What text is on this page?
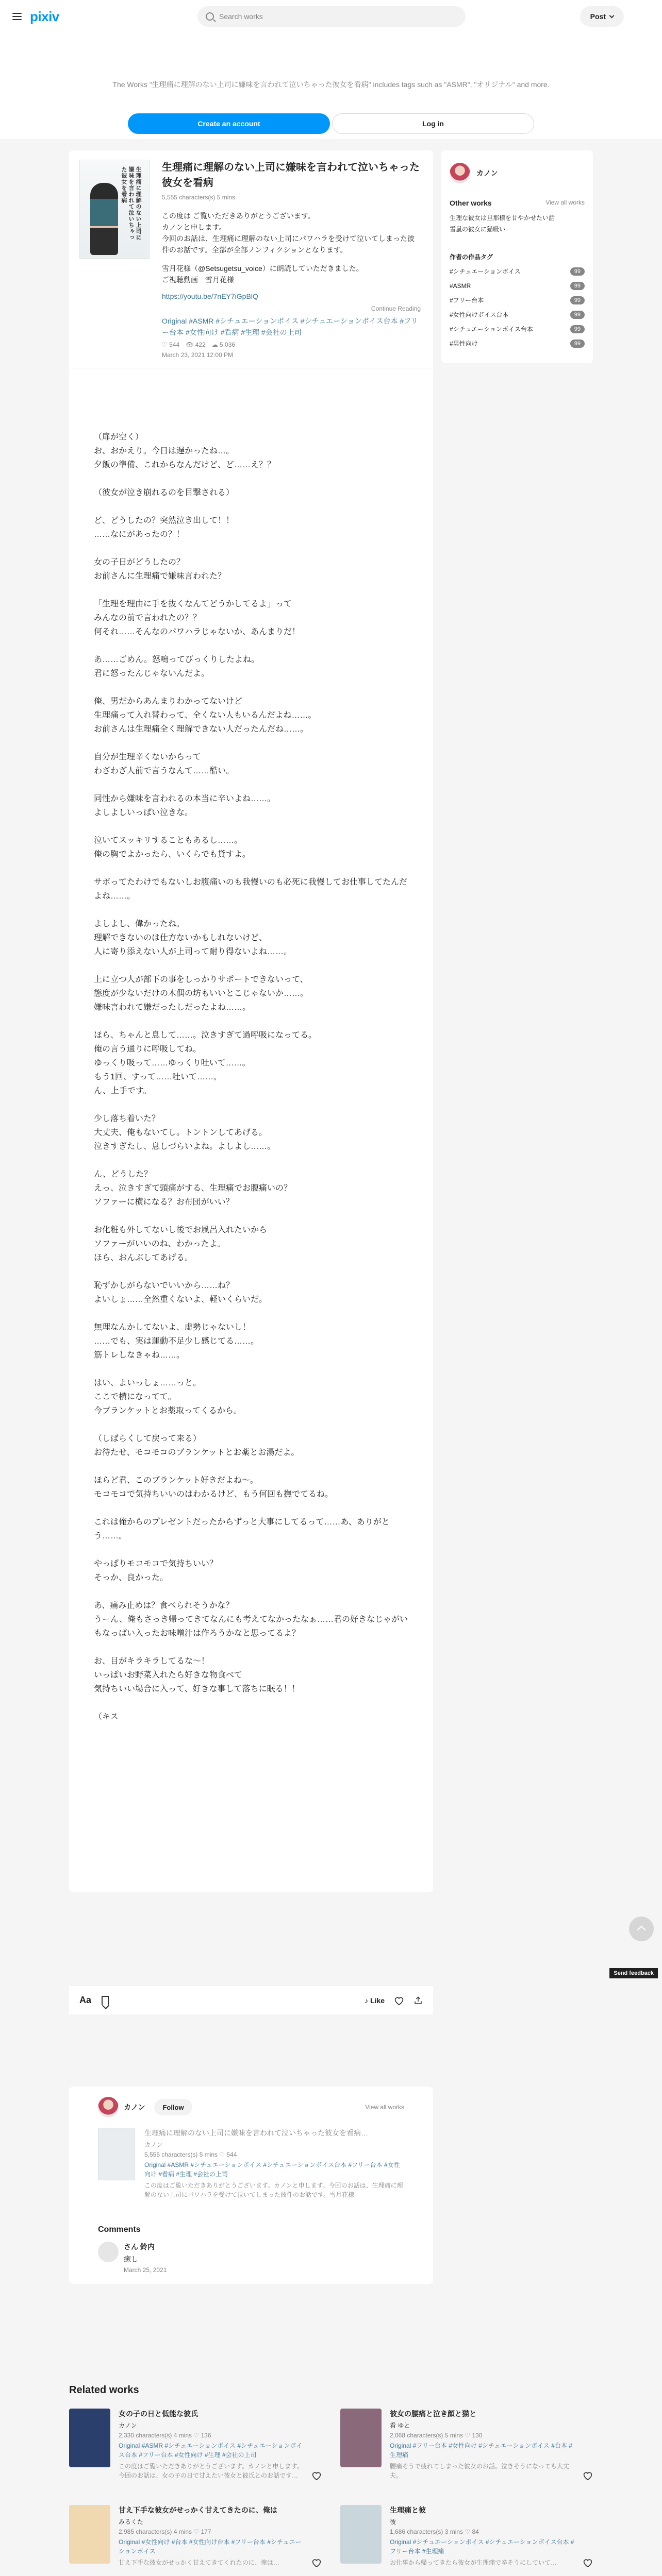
pixiv	Search works	Post
The Works "生理痛に理解のない上司に嫌味を言われて泣いちゃった彼女を看病" includes tags such as "ASMR", "オリジナル" and more.
Create an account	Log in
生理痛に理解のない上司に嫌味を言われて泣いちゃった彼女を看病	生理痛に理解のない上司に嫌味を言われて泣いちゃった彼女を看病
5,555 characters(s) 5 mins
この度は ご覧いただきありがとうございます。
カノンと申します。
今回のお話は、生理痛に理解のない上司にパワハラを受けて泣いてしまった彼
件のお話です。全部が全部ノンフィクションとなります。
雪月花様（@Setsugetsu_voice）に朗読していただきました。
ご視聴動画　雪月花様
https://youtu.be/7nEY7iGpBlQ
Continue Reading
Original #ASMR #シチュエーションボイス #シチュエーションボイス台本 #フリー台本 #女性向け #看病 #生理 #会社の上司
♡ 544 👁 422 ☁ 5,036
March 23, 2021 12:00 PM
（扉が空く）
お、おかえり。今日は遅かったね…。
夕飯の準備、これからなんだけど、ど……え？？
（彼女が泣き崩れるのを目撃される）
ど、どうしたの？突然泣き出して！！
……なにがあったの？！
女の子日がどうしたの？
お前さんに生理痛で嫌味言われた？
「生理を理由に手を抜くなんてどうかしてるよ」って
みんなの前で言われたの？？
何それ……そんなのパワハラじゃないか、あんまりだ！
あ……ごめん。怒鳴ってびっくりしたよね。
君に怒ったんじゃないんだよ。
俺、男だからあんまりわかってないけど
生理痛って入れ替わって、全くない人もいるんだよね……。
お前さんは生理痛全く理解できない人だったんだね……。
自分が生理辛くないからって
わざわざ人前で言うなんて……酷い。
同性から嫌味を言われるの本当に辛いよね……。
よしよしいっぱい泣きな。
泣いてスッキリすることもあるし……。
俺の胸でよかったら、いくらでも貸すよ。
サボってたわけでもないしお腹痛いのも我慢いのも必死に我慢してお仕事してたんだよね……。
よしよし、偉かったね。
理解できないのは仕方ないかもしれないけど、
人に寄り添えない人が上司って耐り得ないよね……。
上に立つ人が部下の事をしっかりサポートできないって、
態度が少ないだけの木偶の坊もいいとこじゃないか……。
嫌味言われて嫌だったしだったよね……。
ほら、ちゃんと息して……。泣きすぎて過呼吸になってる。
俺の言う通りに呼吸してね。
ゆっくり吸って……ゆっくり吐いて……。
もう1回、すって……吐いて……。
ん、上手です。
少し落ち着いた？
大丈夫、俺もないてし。トントンしてあげる。
泣きすぎたし、息しづらいよね。よしよし……。
ん、どうした？
えっ、泣きすぎて頭痛がする、生理痛でお腹痛いの？
ソファーに横になる？お布団がいい？
お化粧も外してないし後でお風呂入れたいから
ソファーがいいのね、わかったよ。
ほら、おんぶしてあげる。
恥ずかしがらないでいいから……ね？
よいしょ……全然重くないよ、軽いくらいだ。
無理なんかしてないよ、虚勢じゃないし！
……でも、実は運動不足少し感じてる……。
筋トレしなきゃね……。
はい、よいっしょ……っと。
ここで横になってて。
今ブランケットとお薬取ってくるから。
（しばらくして戻って来る）
お待たせ、モコモコのブランケットとお薬とお湯だよ。
ほらど君、このブランケット好きだよね〜。
モコモコで気持ちいいのはわかるけど、もう何回も撫でてるね。
これは俺からのプレゼントだったからずっと大事にしてるって……あ、ありがとう……。
やっぱりモコモコで気持ちいい？
そっか、良かった。
あ、痛み止めは？食べられそうかな？
うーん、俺もさっき帰ってきてなんにも考えてなかったなぁ……君の好きなじゃがいもなっぱい入ったお味噌汁は作ろうかなと思ってるよ？
お、目がキラキラしてるな〜！
いっぱいお野菜入れたら好きな物食べて
気持ちいい場合に入って、好きな事して落ちに眠る！！
（キス
Aa	♪ Like
カノン	Follow	View all works
生理痛に理解のない上司に嫌味を言われて泣いちゃった彼女を看病…
カノン
5,555 characters(s) 5 mins ♡ 544
Original #ASMR #シチュエーションボイス #シチュエーションボイス台本 #フリー台本 #女性向け #看病 #生理 #会社の上司
この度はご覧いただきありがとうございます。カノンと申します。今回のお話は、生理痛に理解のない上司にパワハラを受けて泣いてしまった彼件のお話です。雪月花様
Comments
さん 鈴内
癒し
March 25, 2021
カノン
Other works	View all works
生理な彼女は旦那様を甘やかせたい話
雪嵐の彼女に猫吸い
作者の作品タグ
#シチュエーションボイス	99
#ASMR	99
#フリー台本	99
#女性向けボイス台本	99
#シチュエーションボイス台本	99
#男性向け	99
Related works
女の子の日と低能な彼氏
カノン
2,330 characters(s) 4 mins ♡ 136
Original #ASMR #シチュエーションボイス #シチュエーションボイス台本 #フリー台本 #女性向け #生理 #会社の上司
この度はご覧いただきありがとうございます。カノンと申します。今回のお話は、女の子の日で甘えたい彼女と彼氏とのお話です…
彼女の腰痛と泣き顔と猫と
看 ゆと
2,068 characters(s) 5 mins ♡ 130
Original #フリー台本 #女性向け #シチュエーションボイス #台本 #生理痛
腰痛そうで疲れてしまった彼女のお話。泣きそうになっても大丈夫。
甘え下手な彼女がせっかく甘えてきたのに、俺は
みるくた
2,985 characters(s) 4 mins ♡ 177
Original #女性向け #台本 #女性向け台本 #フリー台本 #シチュエーションボイス
甘え下手な彼女がせっかく甘えてきてくれたのに、俺は…
生理痛と彼
彼
1,686 characters(s) 3 mins ♡ 84
Original #シチュエーションボイス #シチュエーションボイス台本 #フリー台本 #生理痛
お仕事から帰ってきたら彼女が生理痛で辛そうにしていて…
Send feedback
